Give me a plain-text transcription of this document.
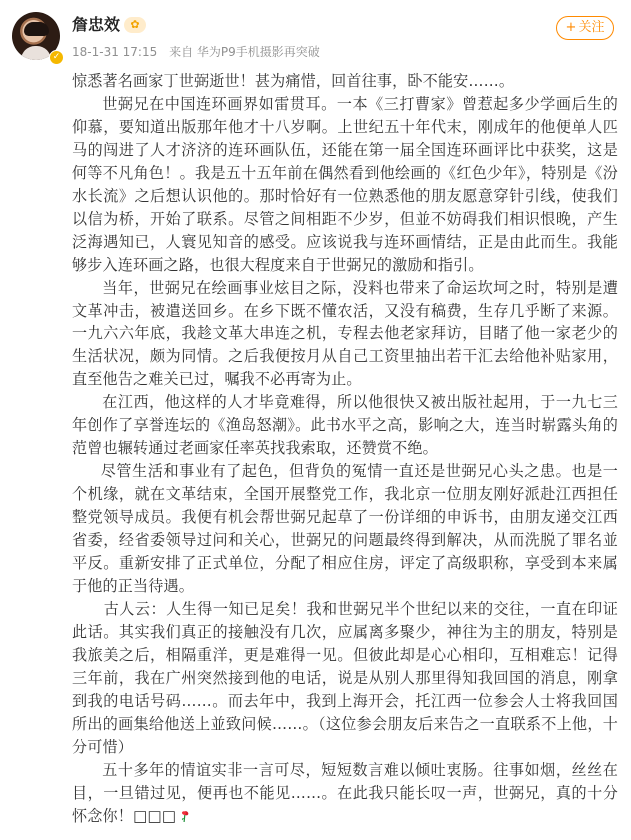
✓
詹忠效 ✿
18-1-31 17:15 来自 华为P9手机摄影再突破
+ 关注

惊悉著名画家丁世弼逝世！甚为痛惜，回首往事，卧不能安……。

世弼兄在中国连环画界如雷贯耳。一本《三打曹家》曾惹起多少学画后生的仰慕，要知道出版那年他才十八岁啊。上世纪五十年代末，刚成年的他便单人匹马的闯进了人才济济的连环画队伍，还能在第一届全国连环画评比中获奖，这是何等不凡角色！。我是五十五年前在偶然看到他绘画的《红色少年》，特别是《汾水长流》之后想认识他的。那时恰好有一位熟悉他的朋友愿意穿针引线，使我们以信为桥，开始了联系。尽管之间相距不少岁，但並不妨碍我们相识恨晚，产生泛海遇知已，人寰见知音的感受。应该说我与连环画情结，正是由此而生。我能够步入连环画之路，也很大程度来自于世弼兄的激励和指引。

当年，世弼兄在绘画事业炫目之际，没料也带来了命运坎坷之时，特别是遭文革冲击，被遣送回乡。在乡下既不懂农活，又没有稿费，生存几乎断了来源。一九六六年底，我趁文革大串连之机，专程去他老家拜访，目睹了他一家老少的生活状况，颇为同情。之后我便按月从自己工资里抽出若干汇去给他补贴家用，直至他告之难关已过，嘱我不必再寄为止。

在江西，他这样的人才毕竟难得，所以他很快又被出版社起用，于一九七三年创作了享誉连坛的《渔岛怒潮》。此书水平之高，影响之大，连当时崭露头角的范曾也辗转通过老画家任率英找我索取，还赞赏不绝。

尽管生活和事业有了起色，但背负的冤情一直还是世弼兄心头之患。也是一个机缘，就在文革结束，全国开展整党工作，我北京一位朋友刚好派赴江西担任整党领导成员。我便有机会帮世弼兄起草了一份详细的申诉书，由朋友递交江西省委，经省委领导过问和关心，世弼兄的问题最终得到解决，从而洗脱了罪名並平反。重新安排了正式单位，分配了相应住房，评定了高级职称，享受到本来属于他的正当待遇。

古人云：人生得一知已足矣！我和世弼兄半个世纪以来的交往，一直在印证此话。其实我们真正的接触没有几次，应属离多聚少，神往为主的朋友，特别是我旅美之后，相隔重洋，更是难得一见。但彼此却是心心相印，互相难忘！记得三年前，我在广州突然接到他的电话，说是从别人那里得知我回国的消息，刚拿到我的电话号码……。而去年中，我到上海开会，托江西一位参会人士将我回国所出的画集给他送上並致问候……。（这位参会朋友后来告之一直联系不上他，十分可惜）

五十多年的情谊实非一言可尽，短短数言难以倾吐衷肠。往事如烟，丝丝在目，一旦错过见，便再也不能见……。在此我只能长叹一声，世弼兄，真的十分怀念你！□□□
